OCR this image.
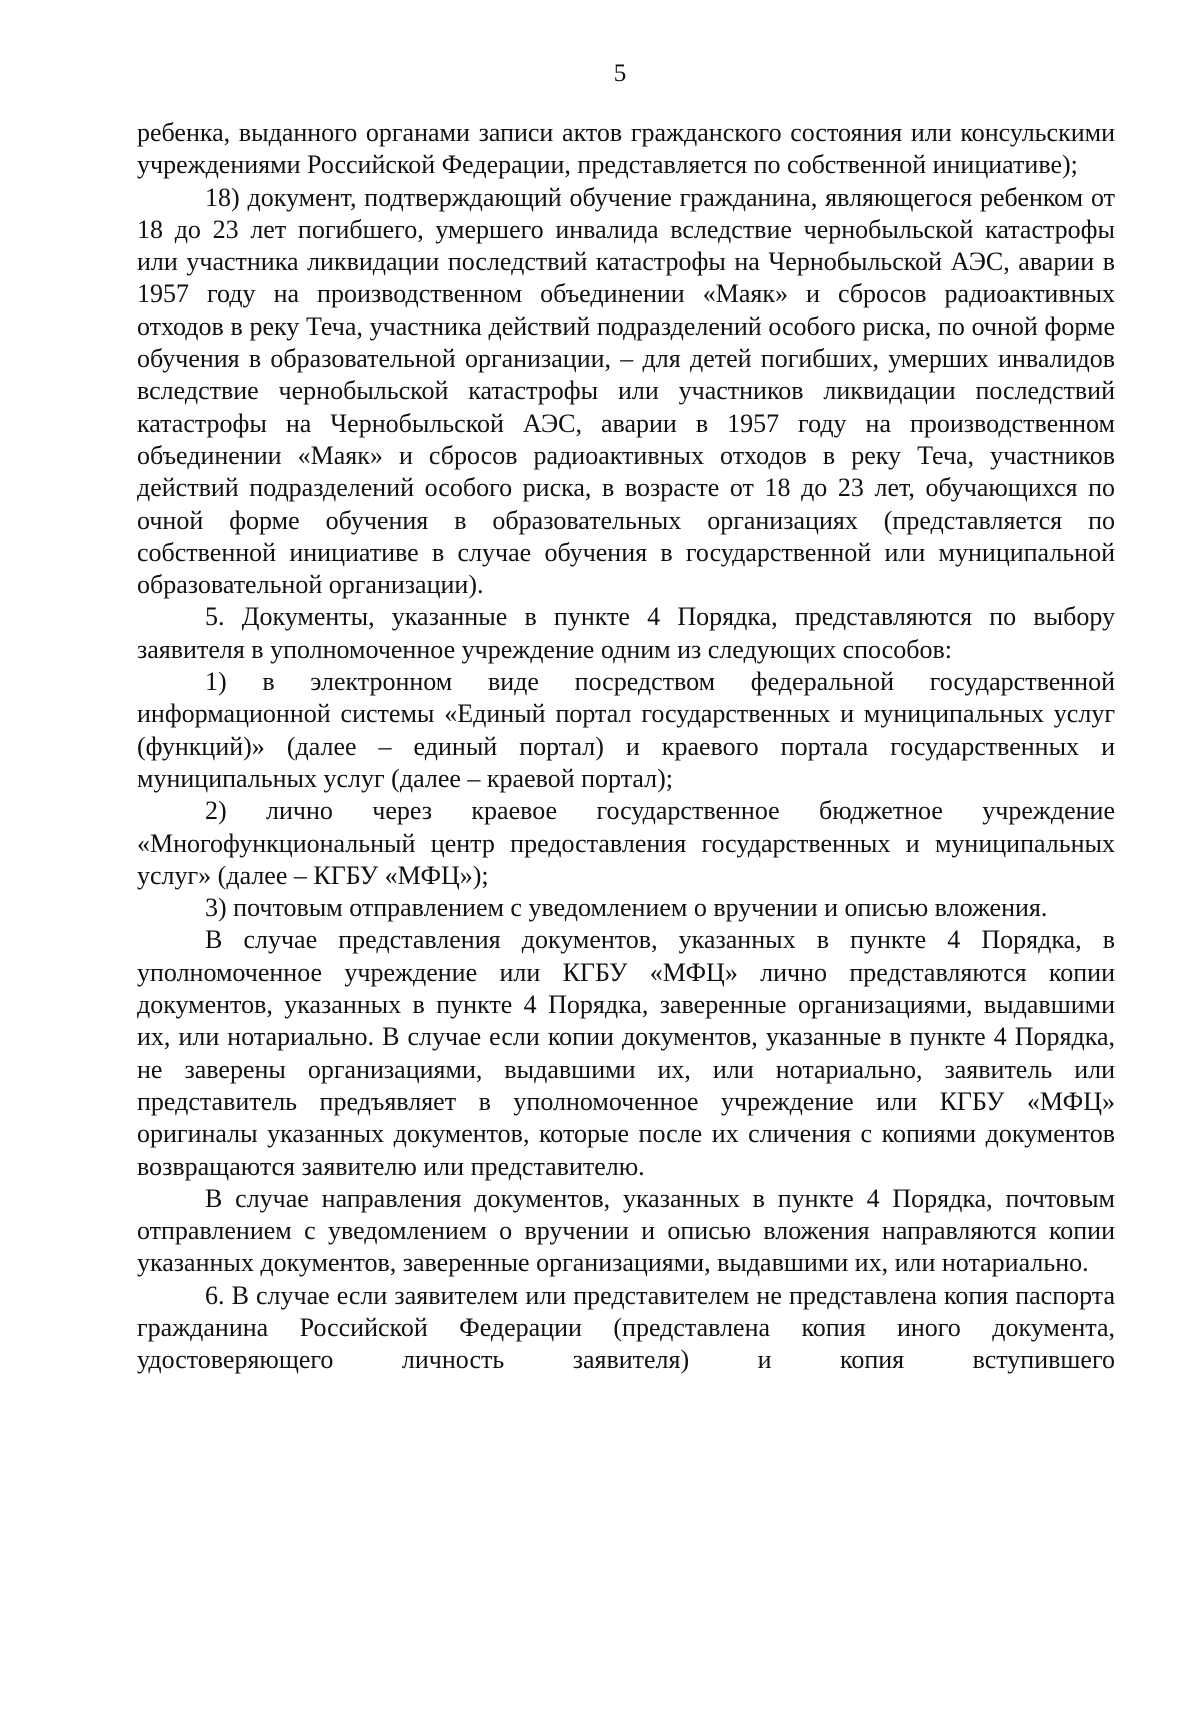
5

ребенка, выданного органами записи актов гражданского состояния или консульскими учреждениями Российской Федерации, представляется по собственной инициативе);

18) документ, подтверждающий обучение гражданина, являющегося ребенком от 18 до 23 лет погибшего, умершего инвалида вследствие чернобыльской катастрофы или участника ликвидации последствий катастрофы на Чернобыльской АЭС, аварии в 1957 году на производственном объединении «Маяк» и сбросов радиоактивных отходов в реку Теча, участника действий подразделений особого риска, по очной форме обучения в образовательной организации, – для детей погибших, умерших инвалидов вследствие чернобыльской катастрофы или участников ликвидации последствий катастрофы на Чернобыльской АЭС, аварии в 1957 году на производственном объединении «Маяк» и сбросов радиоактивных отходов в реку Теча, участников действий подразделений особого риска, в возрасте от 18 до 23 лет, обучающихся по очной форме обучения в образовательных организациях (представляется по собственной инициативе в случае обучения в государственной или муниципальной образовательной организации).

5. Документы, указанные в пункте 4 Порядка, представляются по выбору заявителя в уполномоченное учреждение одним из следующих способов:

1) в электронном виде посредством федеральной государственной информационной системы «Единый портал государственных и муниципальных услуг (функций)» (далее – единый портал) и краевого портала государственных и муниципальных услуг (далее – краевой портал);

2) лично через краевое государственное бюджетное учреждение «Многофункциональный центр предоставления государственных и муниципальных услуг» (далее – КГБУ «МФЦ»);

3) почтовым отправлением с уведомлением о вручении и описью вложения.

В случае представления документов, указанных в пункте 4 Порядка, в уполномоченное учреждение или КГБУ «МФЦ» лично представляются копии документов, указанных в пункте 4 Порядка, заверенные организациями, выдавшими их, или нотариально. В случае если копии документов, указанные в пункте 4 Порядка, не заверены организациями, выдавшими их, или нотариально, заявитель или представитель предъявляет в уполномоченное учреждение или КГБУ «МФЦ» оригиналы указанных документов, которые после их сличения с копиями документов возвращаются заявителю или представителю.

В случае направления документов, указанных в пункте 4 Порядка, почтовым отправлением с уведомлением о вручении и описью вложения направляются копии указанных документов, заверенные организациями, выдавшими их, или нотариально.

6. В случае если заявителем или представителем не представлена копия паспорта гражданина Российской Федерации (представлена копия иного документа, удостоверяющего личность заявителя) и копия вступившего
